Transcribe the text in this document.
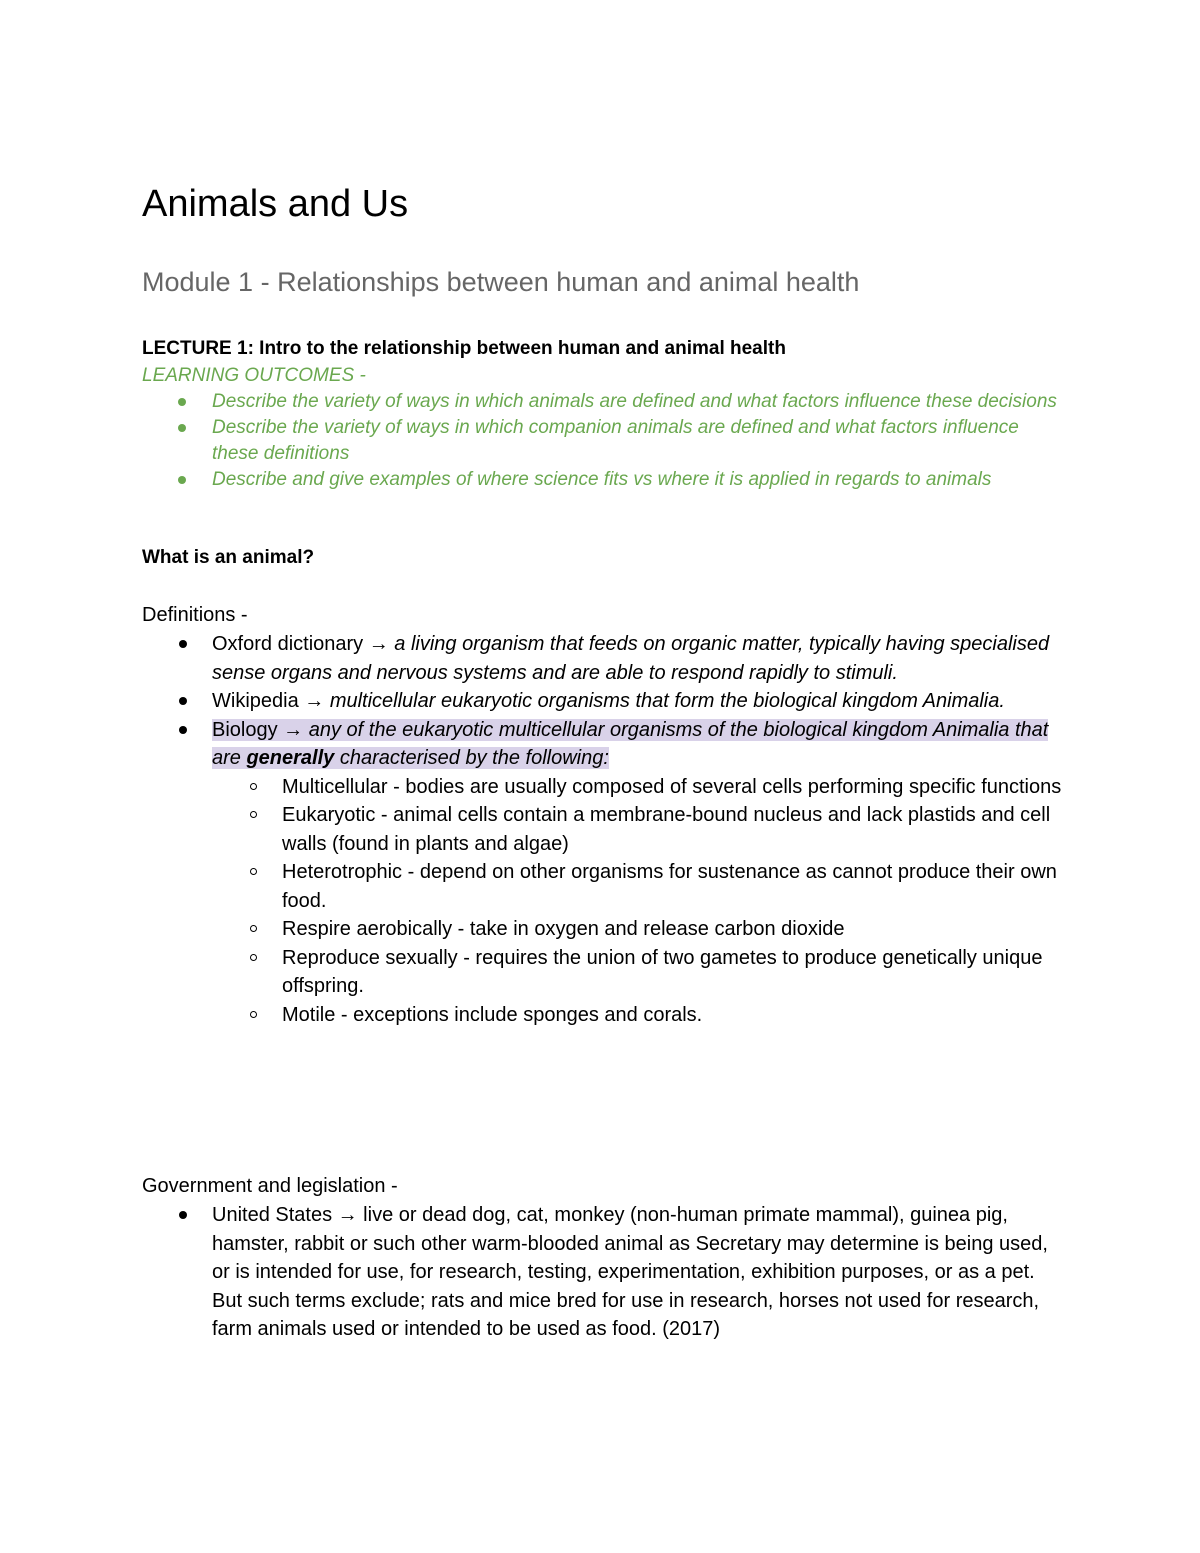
Animals and Us
Module 1 - Relationships between human and animal health

LECTURE 1: Intro to the relationship between human and animal health

LEARNING OUTCOMES -

Describe the variety of ways in which animals are defined and what factors influence these decisions
Describe the variety of ways in which companion animals are defined and what factors influence these definitions
Describe and give examples of where science fits vs where it is applied in regards to animals

What is an animal?

Definitions -

Oxford dictionary → a living organism that feeds on organic matter, typically having specialised sense organs and nervous systems and are able to respond rapidly to stimuli.
Wikipedia → multicellular eukaryotic organisms that form the biological kingdom Animalia.
Biology → any of the eukaryotic multicellular organisms of the biological kingdom Animalia that are generally characterised by the following:
Multicellular - bodies are usually composed of several cells performing specific functions
Eukaryotic - animal cells contain a membrane-bound nucleus and lack plastids and cell walls (found in plants and algae)
Heterotrophic - depend on other organisms for sustenance as cannot produce their own food.
Respire aerobically - take in oxygen and release carbon dioxide
Reproduce sexually - requires the union of two gametes to produce genetically unique offspring.
Motile - exceptions include sponges and corals.

Government and legislation -

United States → live or dead dog, cat, monkey (non-human primate mammal), guinea pig, hamster, rabbit or such other warm-blooded animal as Secretary may determine is being used, or is intended for use, for research, testing, experimentation, exhibition purposes, or as a pet. But such terms exclude; rats and mice bred for use in research, horses not used for research, farm animals used or intended to be used as food. (2017)
